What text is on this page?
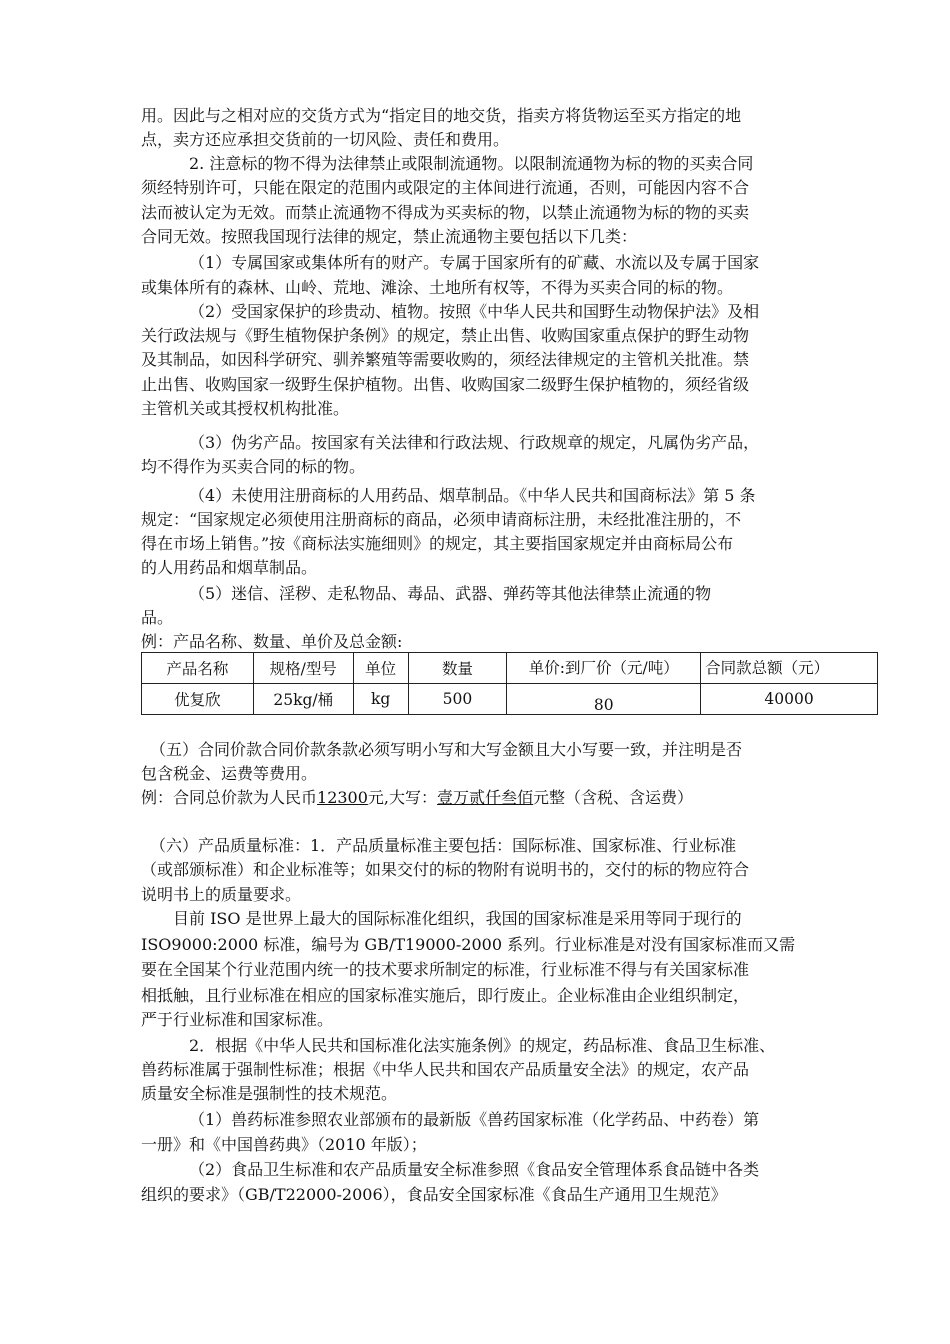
用。因此与之相对应的交货方式为“指定目的地交货，指卖方将货物运至买方指定的地
点，卖方还应承担交货前的一切风险、责任和费用。
2. 注意标的物不得为法律禁止或限制流通物。以限制流通物为标的物的买卖合同
须经特别许可，只能在限定的范围内或限定的主体间进行流通，否则，可能因内容不合
法而被认定为无效。而禁止流通物不得成为买卖标的物，以禁止流通物为标的物的买卖
合同无效。按照我国现行法律的规定，禁止流通物主要包括以下几类：
（1）专属国家或集体所有的财产。专属于国家所有的矿藏、水流以及专属于国家
或集体所有的森林、山岭、荒地、滩涂、土地所有权等，不得为买卖合同的标的物。
（2）受国家保护的珍贵动、植物。按照《中华人民共和国野生动物保护法》及相
关行政法规与《野生植物保护条例》的规定，禁止出售、收购国家重点保护的野生动物
及其制品，如因科学研究、驯养繁殖等需要收购的，须经法律规定的主管机关批准。禁
止出售、收购国家一级野生保护植物。出售、收购国家二级野生保护植物的，须经省级
主管机关或其授权机构批准。
（3）伪劣产品。按国家有关法律和行政法规、行政规章的规定，凡属伪劣产品，
均不得作为买卖合同的标的物。
（4）未使用注册商标的人用药品、烟草制品。《中华人民共和国商标法》第 5 条
规定：“国家规定必须使用注册商标的商品，必须申请商标注册，未经批准注册的，不
得在市场上销售。”按《商标法实施细则》的规定，其主要指国家规定并由商标局公布
的人用药品和烟草制品。
（5）迷信、淫秽、走私物品、毒品、武器、弹药等其他法律禁止流通的物
品。
例：产品名称、数量、单价及总金额:
产品名称	规格/型号	单位	数量	单价:到厂价（元/吨）	合同款总额（元）

优复欣	25kg/桶	kg	500	80	40000
（五）合同价款合同价款条款必须写明小写和大写金额且大小写要一致，并注明是否
包含税金、运费等费用。
例：合同总价款为人民币12300元,大写：壹万贰仟叁佰元整（含税、含运费）
（六）产品质量标准：1．产品质量标准主要包括：国际标准、国家标准、行业标准
（或部颁标准）和企业标准等；如果交付的标的物附有说明书的，交付的标的物应符合
说明书上的质量要求。
目前 ISO 是世界上最大的国际标准化组织，我国的国家标准是采用等同于现行的
ISO9000:2000 标准，编号为 GB/T19000-2000 系列。行业标准是对没有国家标准而又需
要在全国某个行业范围内统一的技术要求所制定的标准，行业标准不得与有关国家标准
相抵触，且行业标准在相应的国家标准实施后，即行废止。企业标准由企业组织制定，
严于行业标准和国家标准。
2．根据《中华人民共和国标准化法实施条例》的规定，药品标准、食品卫生标准、
兽药标准属于强制性标准；根据《中华人民共和国农产品质量安全法》的规定，农产品
质量安全标准是强制性的技术规范。
（1）兽药标准参照农业部颁布的最新版《兽药国家标准（化学药品、中药卷）第
一册》和《中国兽药典》（2010 年版）；
（2）食品卫生标准和农产品质量安全标准参照《食品安全管理体系食品链中各类
组织的要求》（GB/T22000-2006），食品安全国家标准《食品生产通用卫生规范》
